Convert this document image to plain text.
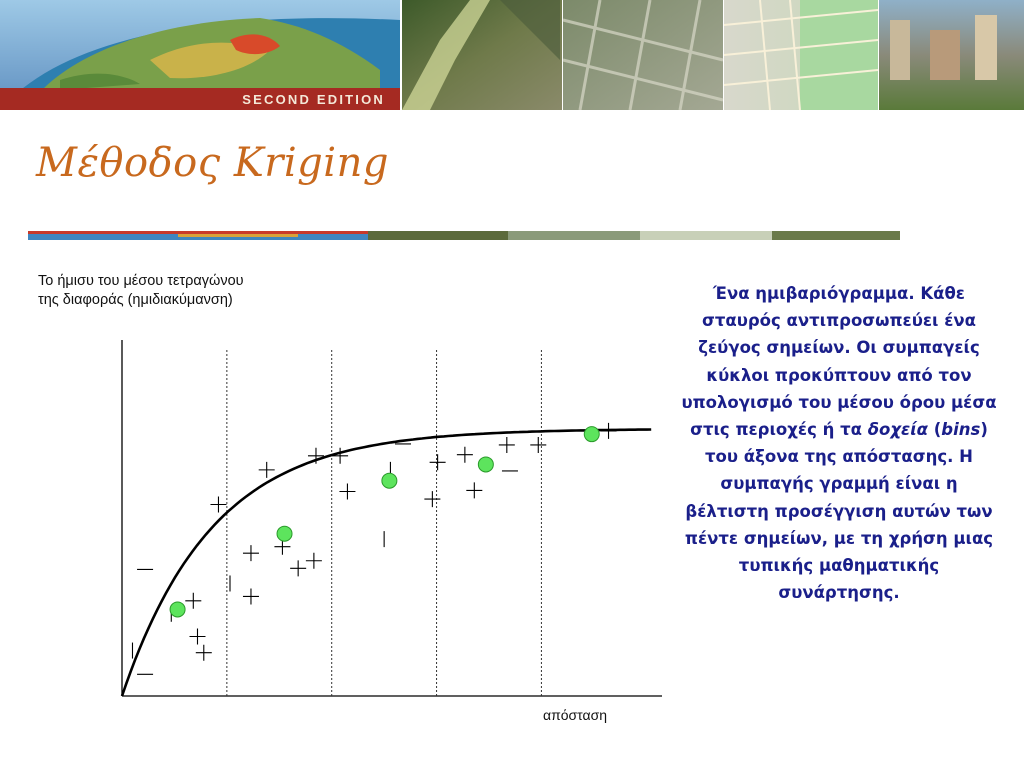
SECOND EDITION
Μέθοδος Kriging
Το ήμισυ του μέσου τετραγώνου
της διαφοράς (ημιδιακύμανση)
απόσταση
Ένα ημιβαριόγραμμα. Κάθε σταυρός αντιπροσωπεύει ένα ζεύγος σημείων. Οι συμπαγείς κύκλοι προκύπτουν από τον υπολογισμό του μέσου όρου μέσα στις περιοχές ή τα δοχεία (bins) του άξονα της απόστασης. Η συμπαγής γραμμή είναι η βέλτιστη προσέγγιση αυτών των πέντε σημείων, με τη χρήση μιας τυπικής μαθηματικής συνάρτησης.
